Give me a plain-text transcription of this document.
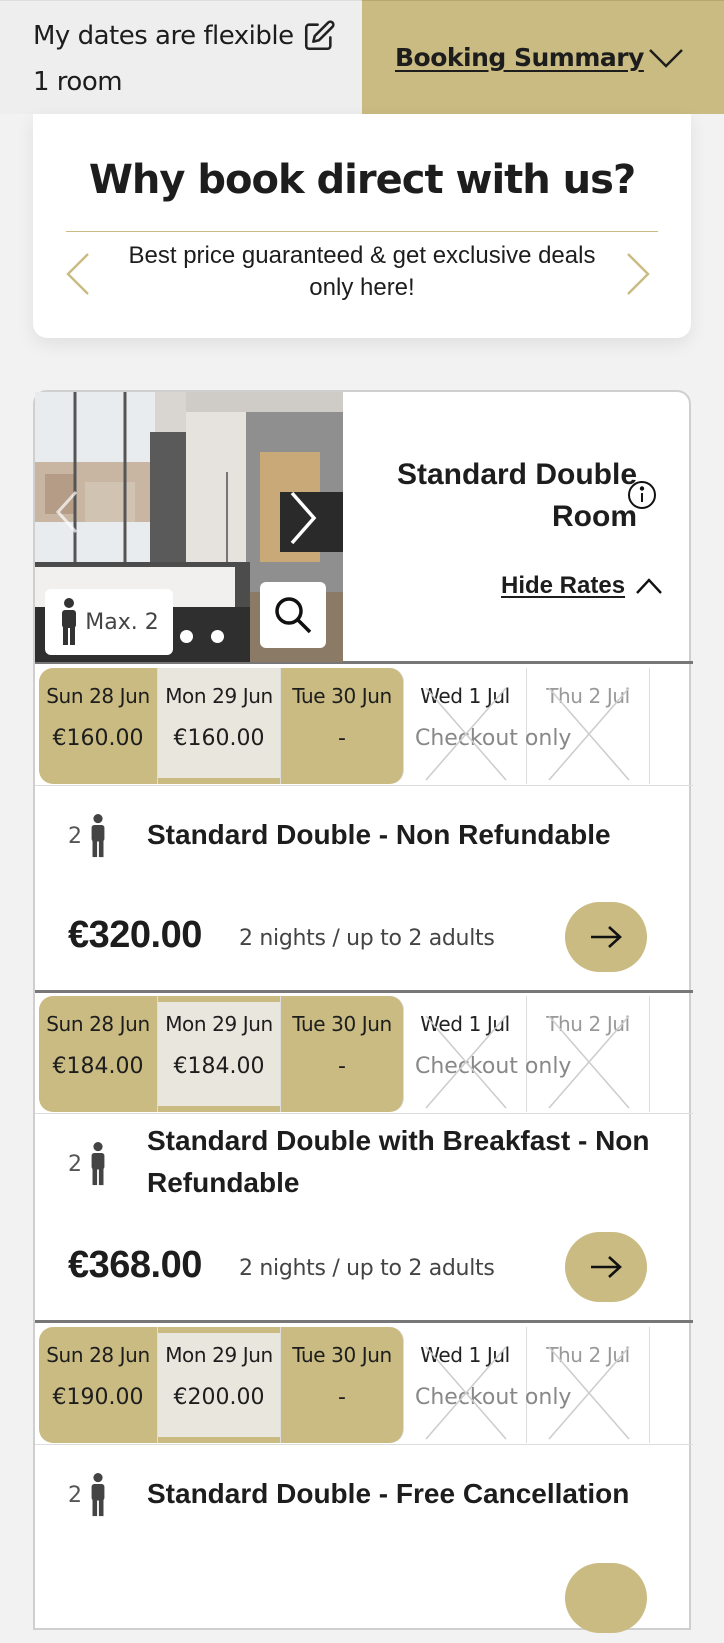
My dates are flexible
1 room
Booking Summary
Why book direct with us?
Best price guaranteed & get exclusive deals only here!
Max. 2
Standard Double Room
Hide Rates
Sun 28 Jun
€160.00
Mon 29 Jun
€160.00
Tue 30 Jun
-
Wed 1 Jul
Checkout only
Thu 2 Jul
2 Standard Double - Non Refundable
€320.00 2 nights / up to 2 adults
Sun 28 Jun
€184.00
Mon 29 Jun
€184.00
Tue 30 Jun
-
Wed 1 Jul
Checkout only
Thu 2 Jul
2
Standard Double with Breakfast - Non Refundable
€368.00 2 nights / up to 2 adults
Sun 28 Jun
€190.00
Mon 29 Jun
€200.00
Tue 30 Jun
-
Wed 1 Jul
Checkout only
Thu 2 Jul
2 Standard Double - Free Cancellation
